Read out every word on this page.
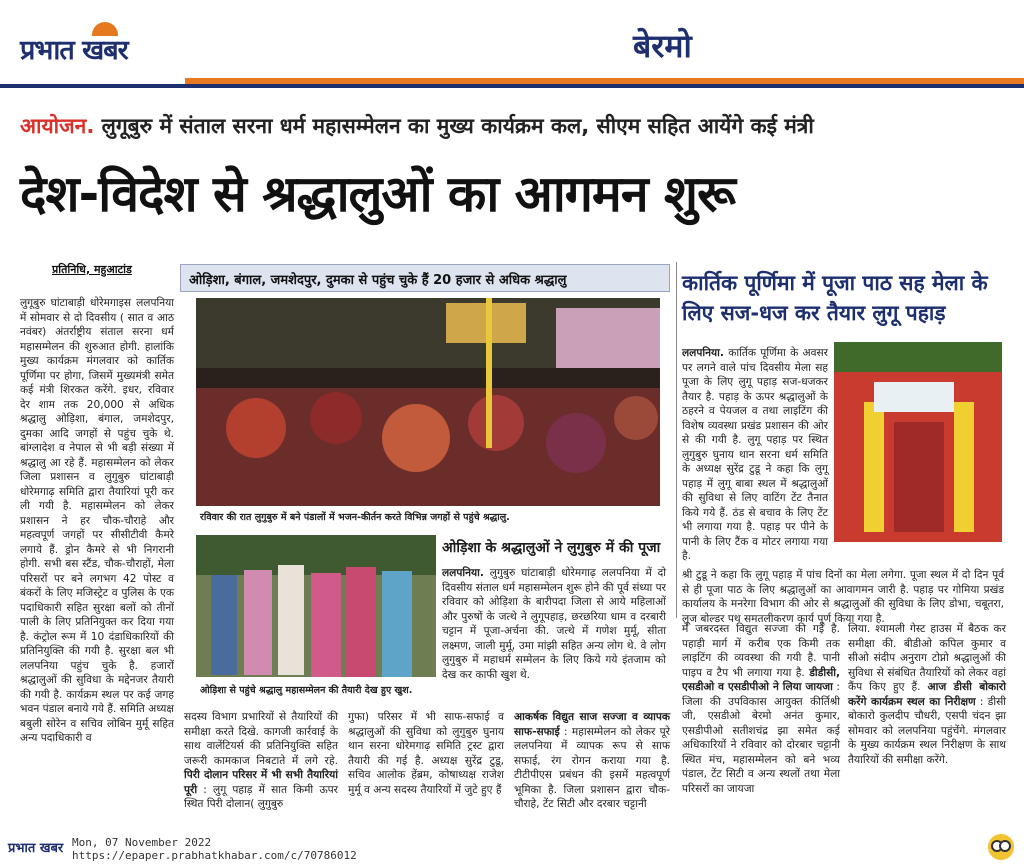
प्रभात खबर	बेरमो
आयोजन. लुगूबुरु में संताल सरना धर्म महासम्मेलन का मुख्य कार्यक्रम कल, सीएम सहित आयेंगे कई मंत्री
देश-विदेश से श्रद्धालुओं का आगमन शुरू
प्रतिनिधि, महुआटांड
लुगूबुरु घांटाबाड़ी धोरेमगाइस ललपनिया में सोमवार से दो दिवसीय ( सात व आठ नवंबर) अंतर्राष्ट्रीय संताल सरना धर्म महासम्मेलन की शुरुआत होगी. हालांकि मुख्य कार्यक्रम मंगलवार को कार्तिक पूर्णिमा पर होगा, जिसमें मुख्यमंत्री समेत कई मंत्री शिरकत करेंगे. इधर, रविवार देर शाम तक 20,000 से अधिक श्रद्धालु ओड़िशा, बंगाल, जमशेदपुर, दुमका आदि जगहों से पहुंच चुके थे. बांग्लादेश व नेपाल से भी बड़ी संख्या में श्रद्धालु आ रहे हैं. महासम्मेलन को लेकर जिला प्रशासन व लुगुबुरु घांटाबाड़ी धोरेमगाढ़ समिति द्वारा तैयारियां पूरी कर ली गयी है. महासम्मेलन को लेकर प्रशासन ने हर चौक-चौराहे और महत्वपूर्ण जगहों पर सीसीटीवी कैमरे लगाये हैं. ड्रोन कैमरे से भी निगरानी होगी. सभी बस स्टैंड, चौक-चौराहों, मेला परिसरों पर बने लगभग 42 पोस्ट व बंकरों के लिए मजिस्ट्रेट व पुलिस के एक पदाधिकारी सहित सुरक्षा बलों को तीनों पाली के लिए प्रतिनियुक्त कर दिया गया है. कंट्रोल रूम में 10 दंडाधिकारियों की प्रतिनियुक्ति की गयी है. सुरक्षा बल भी ललपनिया पहुंच चुके है. हजारों श्रद्धालुओं की सुविधा के मद्देनजर तैयारी की गयी है. कार्यक्रम स्थल पर कई जगह भवन पंडाल बनाये गये हैं. समिति अध्यक्ष बबुली सोरेन व सचिव लोबिन मुर्मू सहित अन्य पदाधिकारी व
ओड़िशा, बंगाल, जमशेदपुर, दुमका से पहुंच चुके हैं 20 हजार से अधिक श्रद्धालु
रविवार की रात लुगुबुरु में बने पंडालों में भजन-कीर्तन करते विभिन्न जगहों से पहुंचे श्रद्धालु.
ओड़िशा से पहुंचे श्रद्धालु महासम्मेलन की तैयारी देख हुए खुश.
ओड़िशा के श्रद्धालुओं ने लुगुबुरु में की पूजा
ललपनिया. लुगुबुरु घांटाबाड़ी धोरेमगाढ़ ललपनिया में दो दिवसीय संताल धर्म महासम्मेलन शुरू होने की पूर्व संध्या पर रविवार को ओड़िशा के बारीपदा जिला से आये महिलाओं और पुरुषों के जत्थे ने लुगूपहाड़, छरछरिया धाम व दरबारी चट्टान में पूजा-अर्चना की. जत्थे में गणेश मुर्मू, सीता लक्ष्मण, जाली मुर्मू, उमा मांझी सहित अन्य लोग थे. वे लोग लुगुबुरु में महाधर्म सम्मेलन के लिए किये गये इंतजाम को देख कर काफी खुश थे.
कार्तिक पूर्णिमा में पूजा पाठ सह मेला के लिए सज-धज कर तैयार लुगू पहाड़
ललपनिया. कार्तिक पूर्णिमा के अवसर पर लगने वाले पांच दिवसीय मेला सह पूजा के लिए लुगू पहाड़ सज-धजकर तैयार है. पहाड़ के ऊपर श्रद्धालुओं के ठहरने व पेयजल व तथा लाइटिंग की विशेष व्यवस्था प्रखंड प्रशासन की ओर से की गयी है. लुगू पहाड़ पर स्थित लुगुबुरु घुनाय थान सरना धर्म समिति के अध्यक्ष सुरेंद्र टुडू ने कहा कि लुगू पहाड़ में लुगू बाबा स्थल में श्रद्धालुओं की सुविधा से लिए वाटिंग टेंट तैनात किये गये हैं. ठंड से बचाव के लिए टेंट भी लगाया गया है. पहाड़ पर पीने के पानी के लिए टैंक व मोटर लगाया गया है.
श्री टुडू ने कहा कि लुगू पहाड़ में पांच दिनों का मेला लगेगा. पूजा स्थल में दो दिन पूर्व से ही पूजा पाठ के लिए श्रद्धालुओं का आवागमन जारी है. पहाड़ पर गोमिया प्रखंड कार्यालय के मनरेगा विभाग की ओर से श्रद्धालुओं की सुविधा के लिए डोभा, चबूतरा, लूज बोल्डर पथ समतलीकरण कार्य पूर्ण किया गया है.
सदस्य विभाग प्रभारियों से तैयारियों की समीक्षा करते दिखे. कागजी कार्रवाई के साथ वालेंटियर्स की प्रतिनियुक्ति सहित जरूरी कामकाज निबटाते में लगे रहे. पिरी दोलान परिसर में भी सभी तैयारियां पूरी : लुगू पहाड़ में सात किमी ऊपर स्थित पिरी दोलान( लुगुबुरु
गुफा) परिसर में भी साफ-सफाई व श्रद्धालुओं की सुविधा को लुगुबुरु घुनाय थान सरना धोरेमगाढ़ समिति ट्रस्ट द्वारा तैयारी की गई है. अध्यक्ष सुरेंद्र टुडू, सचिव आलोक हेंब्रम, कोषाध्यक्ष राजेश मुर्मू व अन्य सदस्य तैयारियों में जुटे हुए हैं
आकर्षक विद्युत साज सज्जा व व्यापक साफ-सफाई : महासम्मेलन को लेकर पूरे ललपनिया में व्यापक रूप से साफ सफाई, रंग रोगन कराया गया है. टीटीपीएस प्रबंधन की इसमें महत्वपूर्ण भूमिका है. जिला प्रशासन द्वारा चौक-चौराहे, टेंट सिटी और दरबार चट्टानी
में जबरदस्त विद्युत सज्जा की गई है. पहाड़ी मार्ग में करीब एक किमी तक लाइटिंग की व्यवस्था की गयी है. पानी पाइप व टैप भी लगाया गया है. डीडीसी, एसडीओ व एसडीपीओ ने लिया जायजा : जिला की उपविकास आयुक्त कीर्तिश्री जी, एसडीओ बेरमो अनंत कुमार, एसडीपीओ सतीशचंद्र झा समेत कई अधिकारियों ने रविवार को दोरबार चट्टानी स्थित मंच, महासम्मेलन को बने भव्य पंडाल, टेंट सिटी व अन्य स्थलों तथा मेला परिसरों का जायजा
लिया. श्यामली गेस्ट हाउस में बैठक कर समीक्षा की. बीडीओ कपिल कुमार व सीओ संदीप अनुराग टोप्नो श्रद्धालुओं की सुविधा से संबंधित तैयारियों को लेकर वहां कैंप किए हुए हैं. आज डीसी बोकारो करेंगे कार्यक्रम स्थल का निरीक्षण : डीसी बोकारो कुलदीप चौधरी, एसपी चंदन झा सोमवार को ललपनिया पहुंचेंगे. मंगलवार के मुख्य कार्यक्रम स्थल निरीक्षण के साथ तैयारियों की समीक्षा करेंगे.
प्रभात खबर Mon, 07 November 2022
https://epaper.prabhatkhabar.com/c/70786012
